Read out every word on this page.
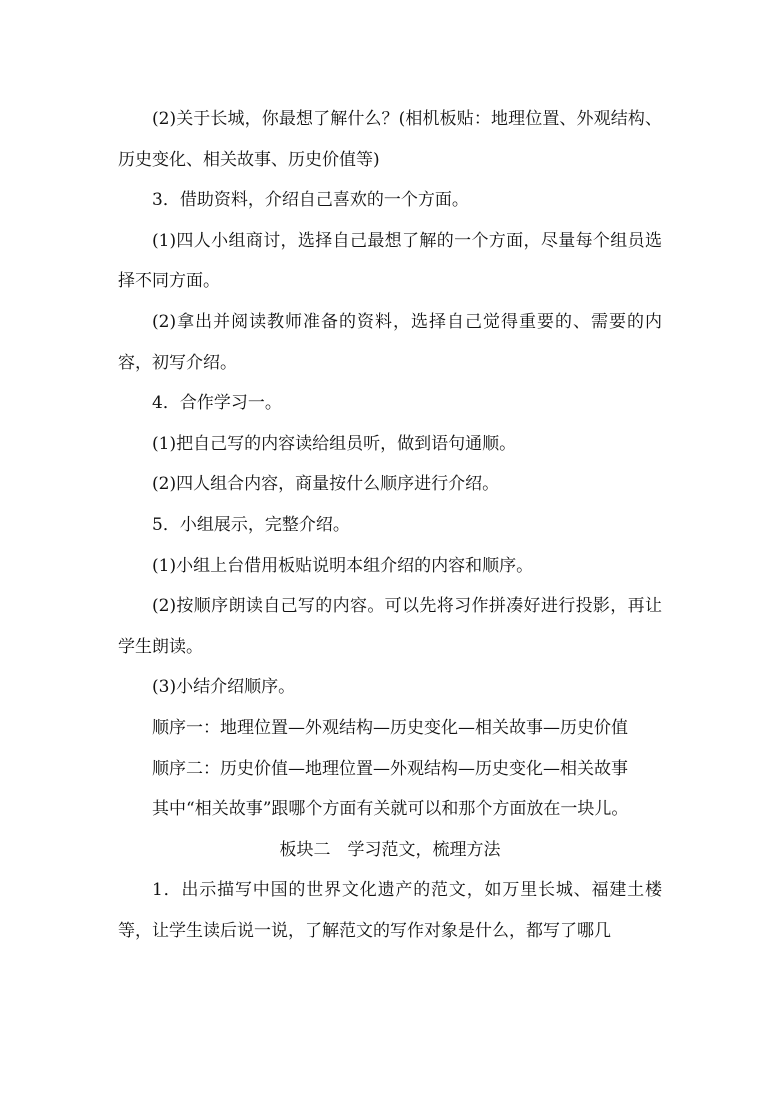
(2)关于长城，你最想了解什么？(相机板贴：地理位置、外观结构、历史变化、相关故事、历史价值等)

3．借助资料，介绍自己喜欢的一个方面。

(1)四人小组商讨，选择自己最想了解的一个方面，尽量每个组员选择不同方面。

(2)拿出并阅读教师准备的资料，选择自己觉得重要的、需要的内容，初写介绍。

4．合作学习一。

(1)把自己写的内容读给组员听，做到语句通顺。

(2)四人组合内容，商量按什么顺序进行介绍。

5．小组展示，完整介绍。

(1)小组上台借用板贴说明本组介绍的内容和顺序。

(2)按顺序朗读自己写的内容。可以先将习作拼凑好进行投影，再让学生朗读。

(3)小结介绍顺序。

顺序一：地理位置—外观结构—历史变化—相关故事—历史价值

顺序二：历史价值—地理位置—外观结构—历史变化—相关故事

其中“相关故事”跟哪个方面有关就可以和那个方面放在一块儿。

板块二　学习范文，梳理方法

1．出示描写中国的世界文化遗产的范文，如万里长城、福建土楼等，让学生读后说一说，了解范文的写作对象是什么，都写了哪几
